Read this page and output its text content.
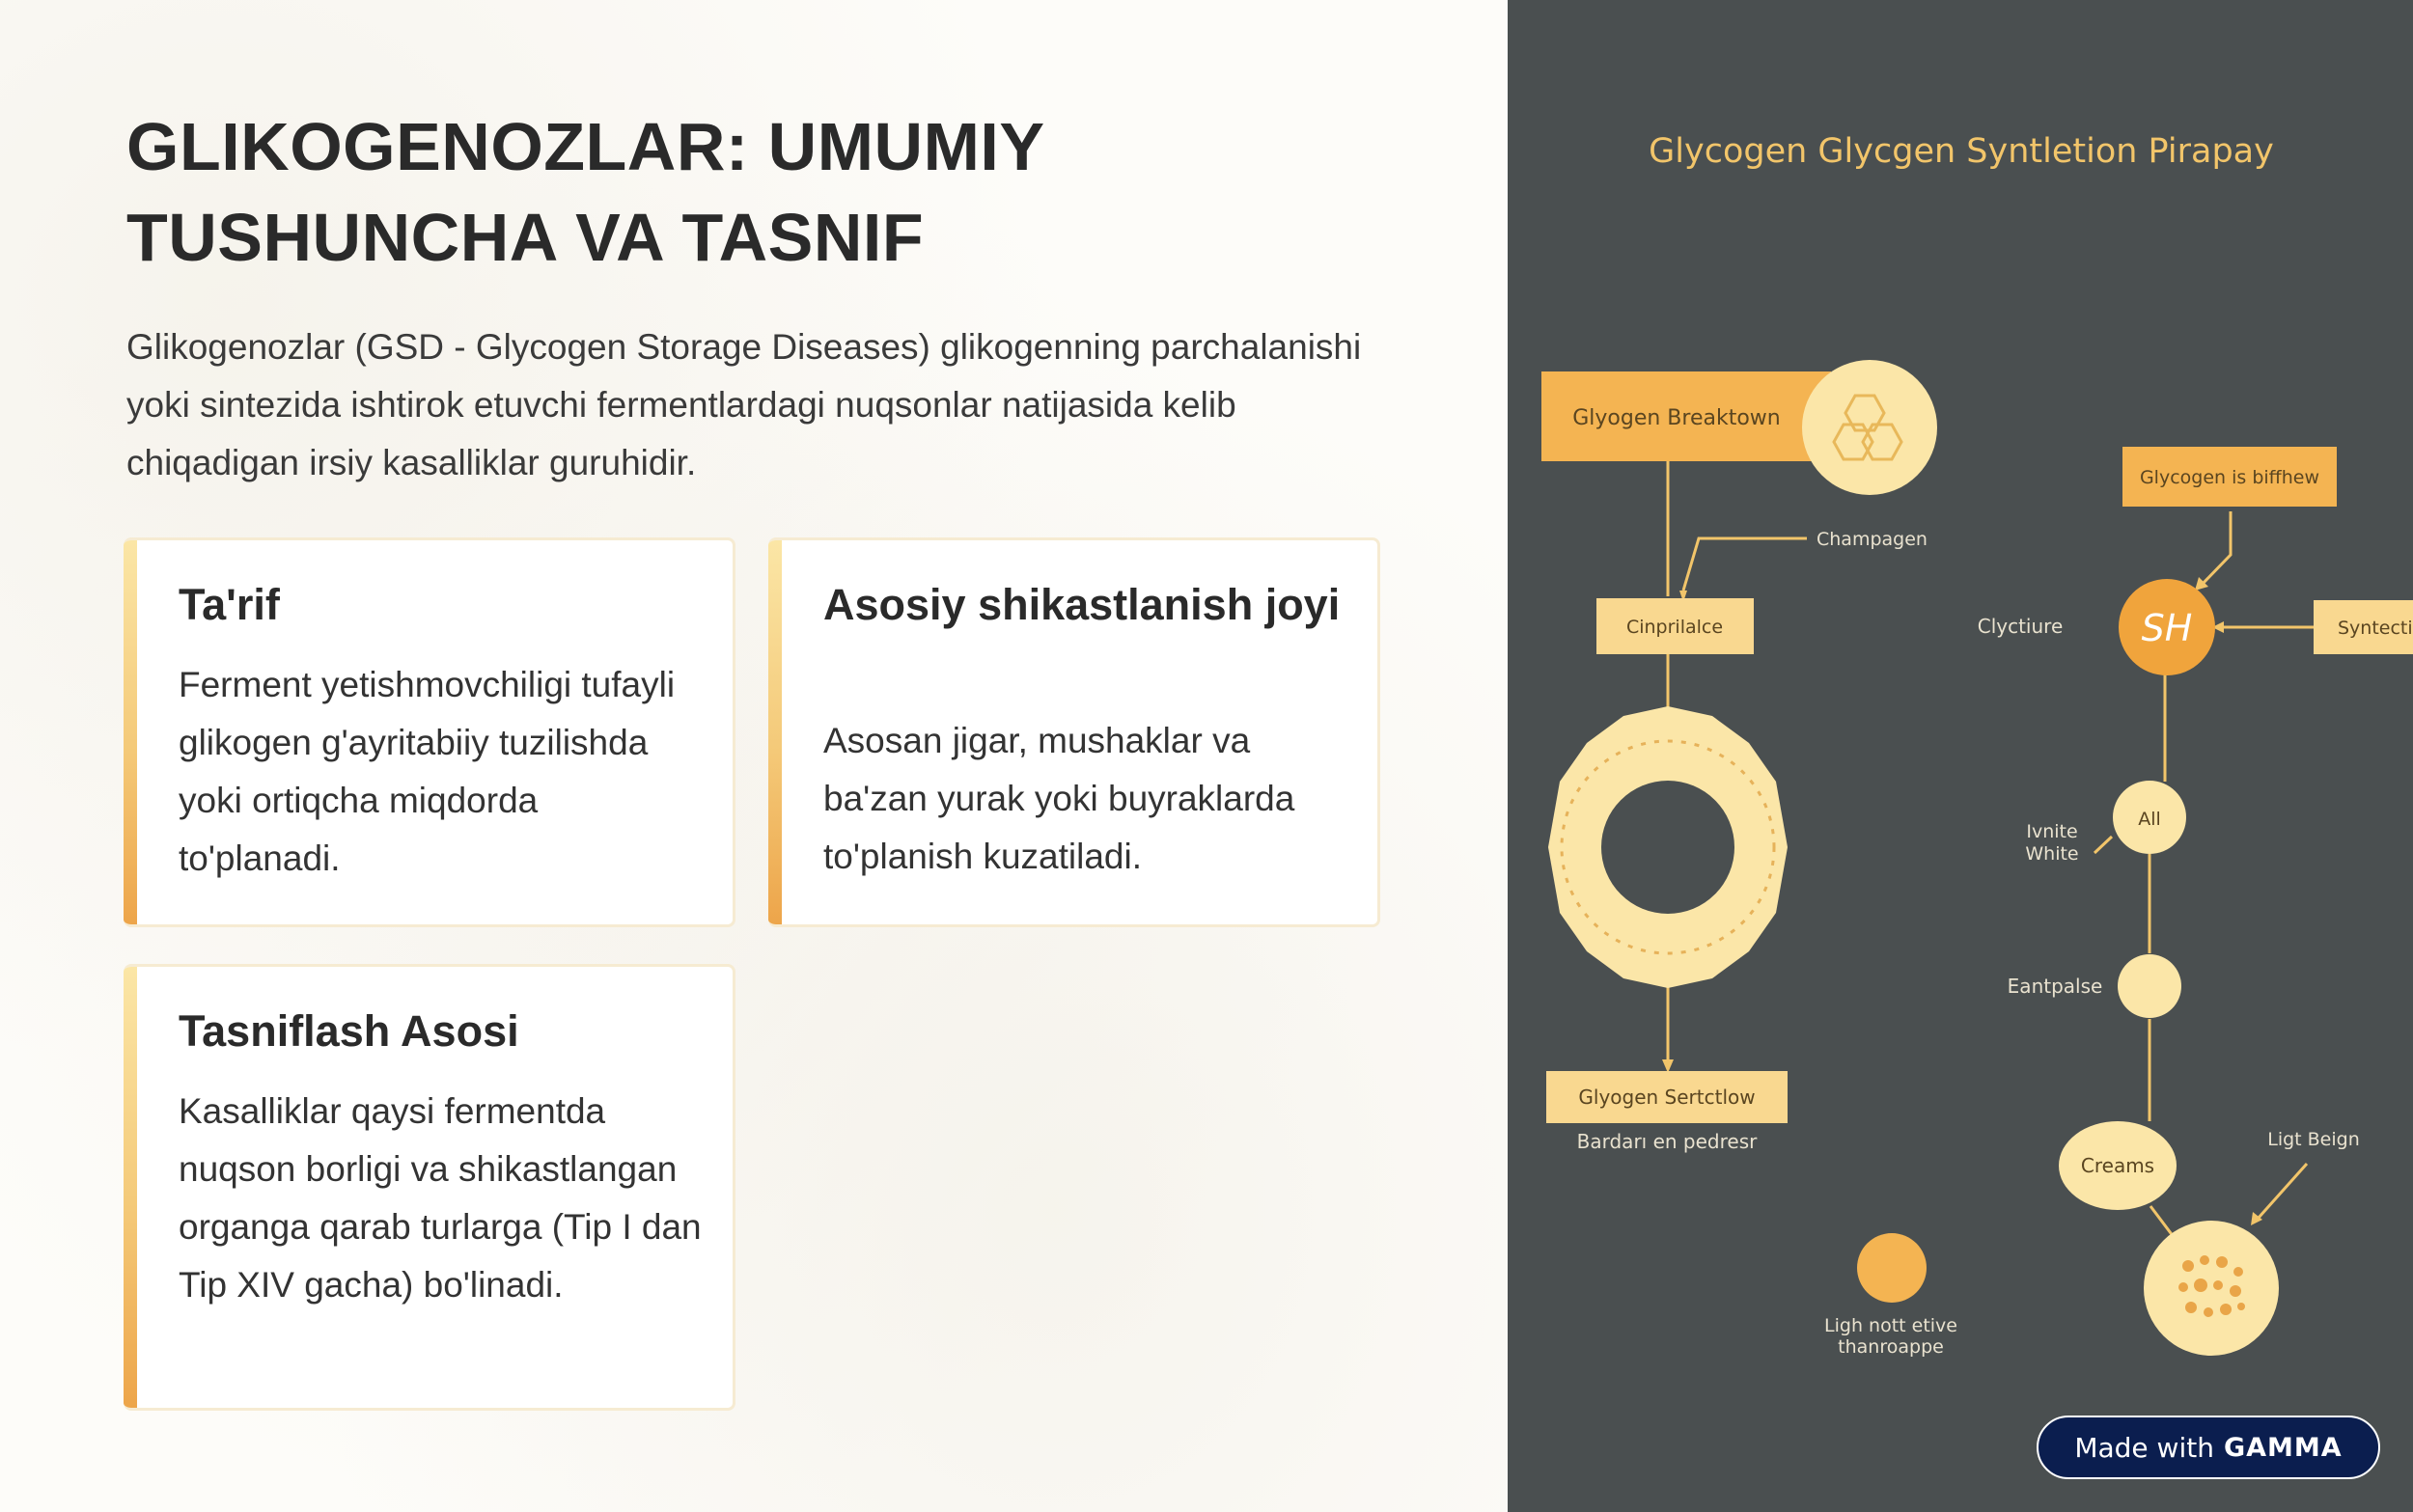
GLIKOGENOZLAR: UMUMIY TUSHUNCHA VA TASNIF

Glikogenozlar (GSD - Glycogen Storage Diseases) glikogenning parchalanishi yoki sintezida ishtirok etuvchi fermentlardagi nuqsonlar natijasida kelib chiqadigan irsiy kasalliklar guruhidir.

Ta'rif

Ferment yetishmovchiligi tufayli glikogen g'ayritabiiy tuzilishda yoki ortiqcha miqdorda to'planadi.

Asosiy shikastlanish joyi

Asosan jigar, mushaklar va ba'zan yurak yoki buyraklarda to'planish kuzatiladi.

Tasniflash Asosi

Kasalliklar qaysi fermentda nuqson borligi va shikastlangan organga qarab turlarga (Tip I dan Tip XIV gacha) bo'linadi.

Glycogen Glycgen Syntletion Pirapay
Glyogen Breaktown
Champagen
Cinprilalce
Glyogen Sertctlow
Bardarı en pedresr
Glycogen is biffhew
SH
Clyctiure	Syntecti
All
Ivnite
White
Eantpalse
Creams
Ligt Beign
Ligh nott etive
thanroappe
Made with GAMMA
